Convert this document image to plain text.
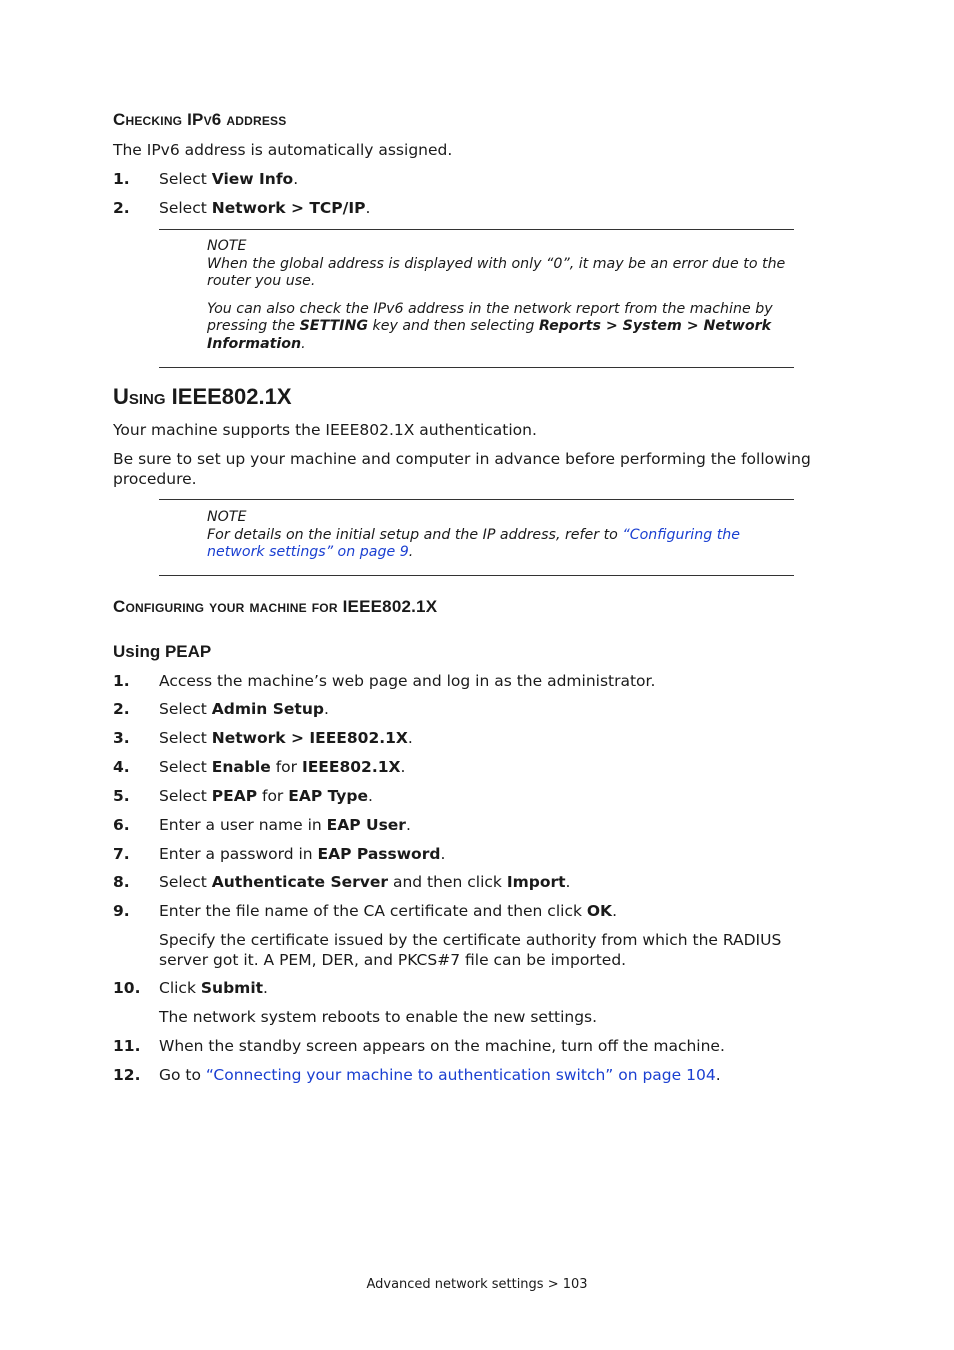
Checking IPv6 address
The IPv6 address is automatically assigned.
1. Select View Info.
2. Select Network > TCP/IP.
NOTE
When the global address is displayed with only “0”, it may be an error due to the router you use.
You can also check the IPv6 address in the network report from the machine by pressing the SETTING key and then selecting Reports > System > Network Information.
Using IEEE802.1X
Your machine supports the IEEE802.1X authentication.
Be sure to set up your machine and computer in advance before performing the following procedure.
NOTE
For details on the initial setup and the IP address, refer to “Configuring the network settings” on page 9.
Configuring your machine for IEEE802.1X
Using PEAP
1. Access the machine’s web page and log in as the administrator.
2. Select Admin Setup.
3. Select Network > IEEE802.1X.
4. Select Enable for IEEE802.1X.
5. Select PEAP for EAP Type.
6. Enter a user name in EAP User.
7. Enter a password in EAP Password.
8. Select Authenticate Server and then click Import.
9. Enter the file name of the CA certificate and then click OK.
Specify the certificate issued by the certificate authority from which the RADIUS server got it. A PEM, DER, and PKCS#7 file can be imported.
10. Click Submit.
The network system reboots to enable the new settings.
11. When the standby screen appears on the machine, turn off the machine.
12. Go to “Connecting your machine to authentication switch” on page 104.
Advanced network settings > 103
